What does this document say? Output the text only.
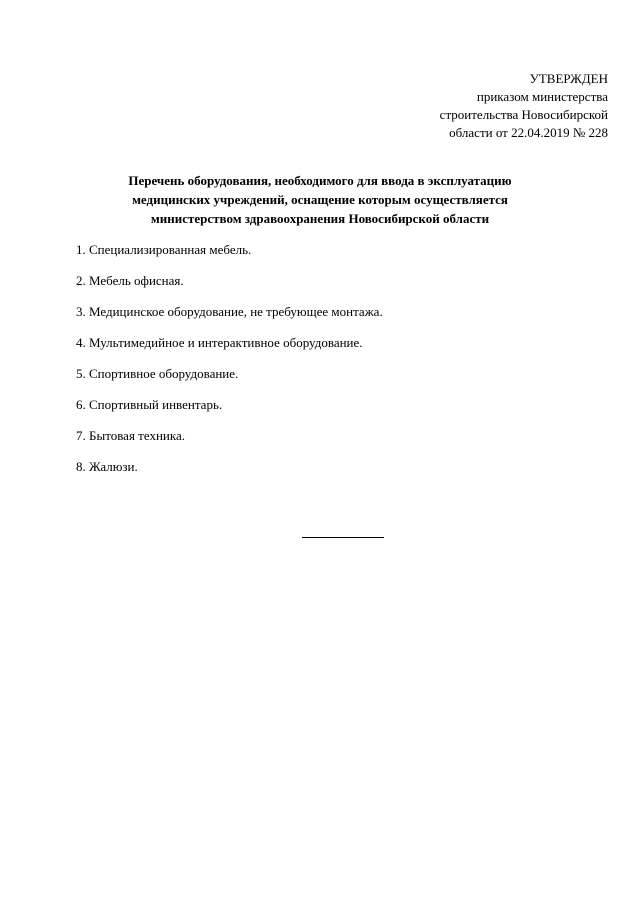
УТВЕРЖДЕН
приказом министерства
строительства Новосибирской
области от 22.04.2019 № 228
Перечень оборудования, необходимого для ввода в эксплуатацию
медицинских учреждений, оснащение которым осуществляется
министерством здравоохранения Новосибирской области
1. Специализированная мебель.
2. Мебель офисная.
3. Медицинское оборудование, не требующее монтажа.
4. Мультимедийное и интерактивное оборудование.
5. Спортивное оборудование.
6. Спортивный инвентарь.
7. Бытовая техника.
8. Жалюзи.
